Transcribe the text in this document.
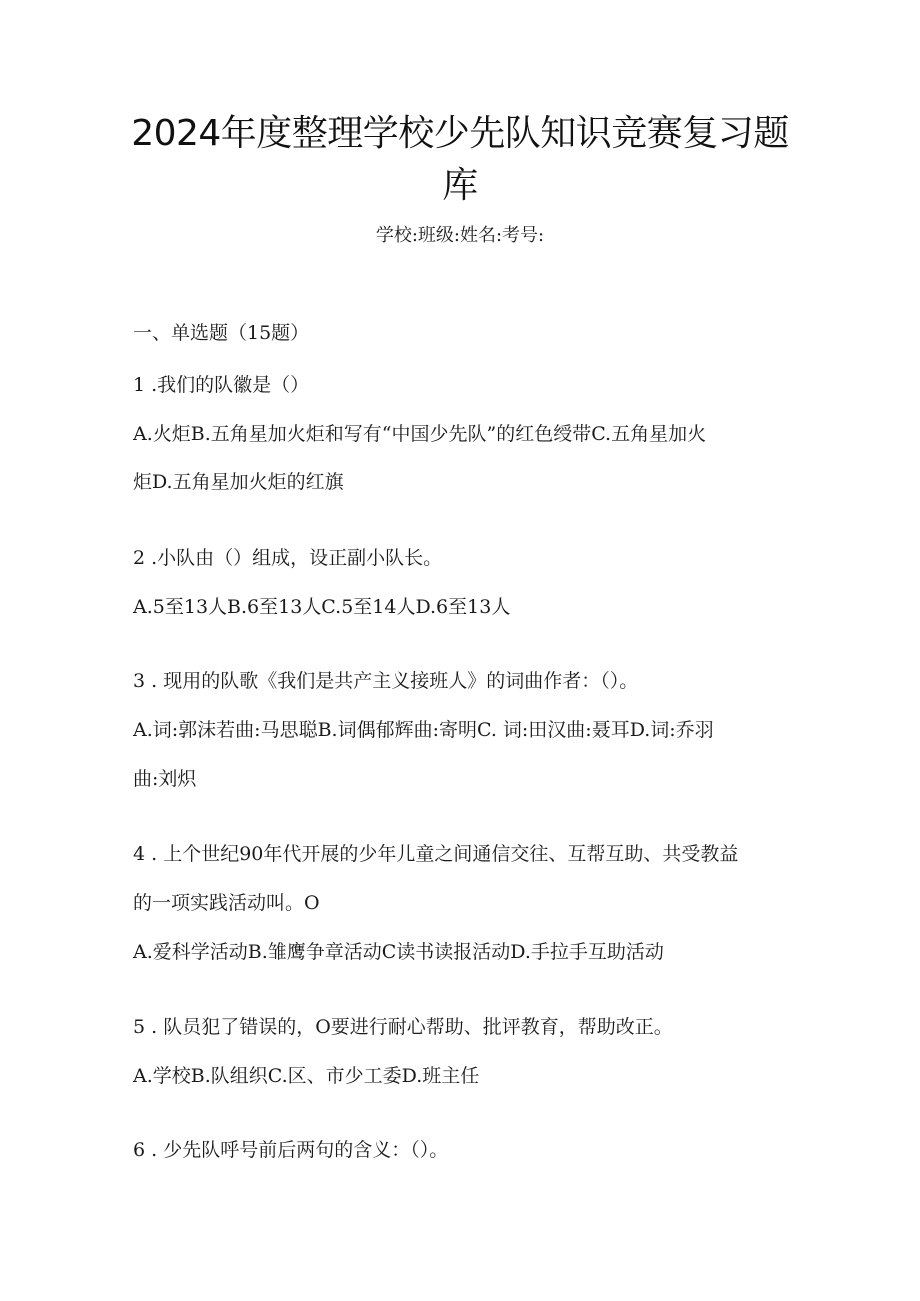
2024年度整理学校少先队知识竞赛复习题
库
学校:班级:姓名:考号:
一、单选题（15题）
1 .我们的队徽是（）
A.火炬B.五角星加火炬和写有“中国少先队”的红色绶带C.五角星加火
炬D.五角星加火炬的红旗
2 .小队由（）组成，设正副小队长。
A.5至13人B.6至13人C.5至14人D.6至13人
3 . 现用的队歌《我们是共产主义接班人》的词曲作者：（）。
A.词:郭沫若曲:马思聪B.词偶郁辉曲:寄明C. 词:田汉曲:聂耳D.词:乔羽
曲:刘炽
4 . 上个世纪90年代开展的少年儿童之间通信交往、互帮互助、共受教益
的一项实践活动叫。O
A.爱科学活动B.雏鹰争章活动C读书读报活动D.手拉手互助活动
5 . 队员犯了错误的，O要进行耐心帮助、批评教育，帮助改正。
A.学校B.队组织C.区、市少工委D.班主任
6 . 少先队呼号前后两句的含义：（）。
